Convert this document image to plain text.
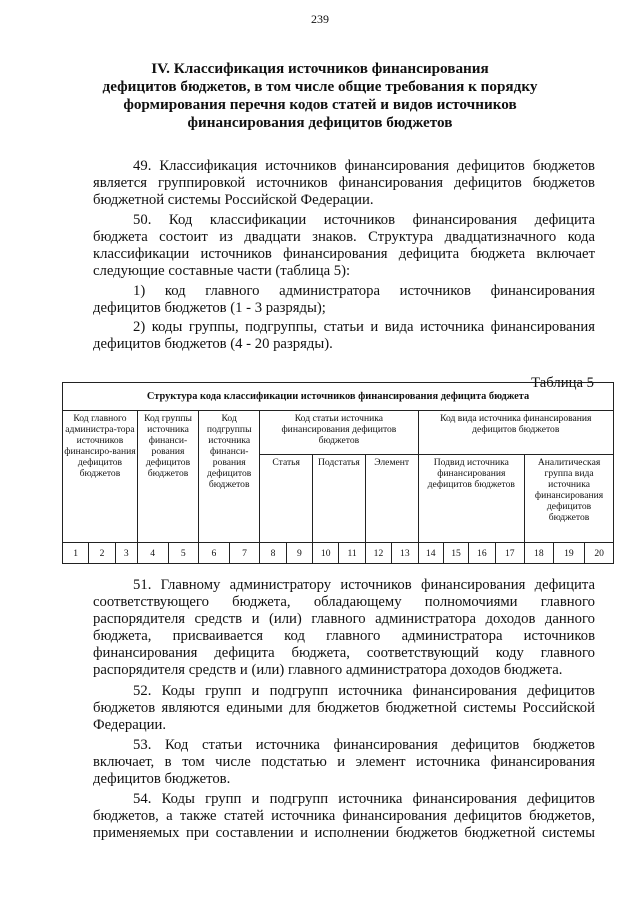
239
IV. Классификация источников финансирования
дефицитов бюджетов, в том числе общие требования к порядку
формирования перечня кодов статей и видов источников
финансирования дефицитов бюджетов
49. Классификация источников финансирования дефицитов бюджетов
является группировкой источников финансирования дефицитов бюджетов
бюджетной системы Российской Федерации.
50. Код классификации источников финансирования дефицита
бюджета состоит из двадцати знаков. Структура двадцатизначного кода
классификации источников финансирования дефицита бюджета включает
следующие составные части (таблица 5):
1) код главного администратора источников финансирования
дефицитов бюджетов (1 - 3 разряды);
2) коды группы, подгруппы, статьи и вида источника финансирования
дефицитов бюджетов (4 - 20 разряды).
Таблица 5
Структура кода классификации источников финансирования дефицита бюджета																			
Код главного администра-тора источников финансиро-вания дефицитов бюджетов			Код группы источника финанси-рования дефицитов бюджетов		Код подгруппы источника финанси-рования дефицитов бюджетов		Код статьи источника финансирования дефицитов бюджетов						Код вида источника финансирования дефицитов бюджетов						
							Статья		Подстатья		Элемент		Подвид источника финансирования дефицитов бюджетов				Аналитическая группа вида источника финансирования дефицитов бюджетов		
1	2	3	4	5	6	7	8	9	10	11	12	13	14	15	16	17	18	19	20
51. Главному администратору источников финансирования дефицита
соответствующего бюджета, обладающему полномочиями главного
распорядителя средств и (или) главного администратора доходов данного
бюджета, присваивается код главного администратора источников
финансирования дефицита бюджета, соответствующий коду главного
распорядителя средств и (или) главного администратора доходов бюджета.
52. Коды групп и подгрупп источника финансирования дефицитов
бюджетов являются едиными для бюджетов бюджетной системы Российской
Федерации.
53. Код статьи источника финансирования дефицитов бюджетов
включает, в том числе подстатью и элемент источника финансирования
дефицитов бюджетов.
54. Коды групп и подгрупп источника финансирования дефицитов
бюджетов, а также статей источника финансирования дефицитов бюджетов,
применяемых при составлении и исполнении бюджетов бюджетной системы
